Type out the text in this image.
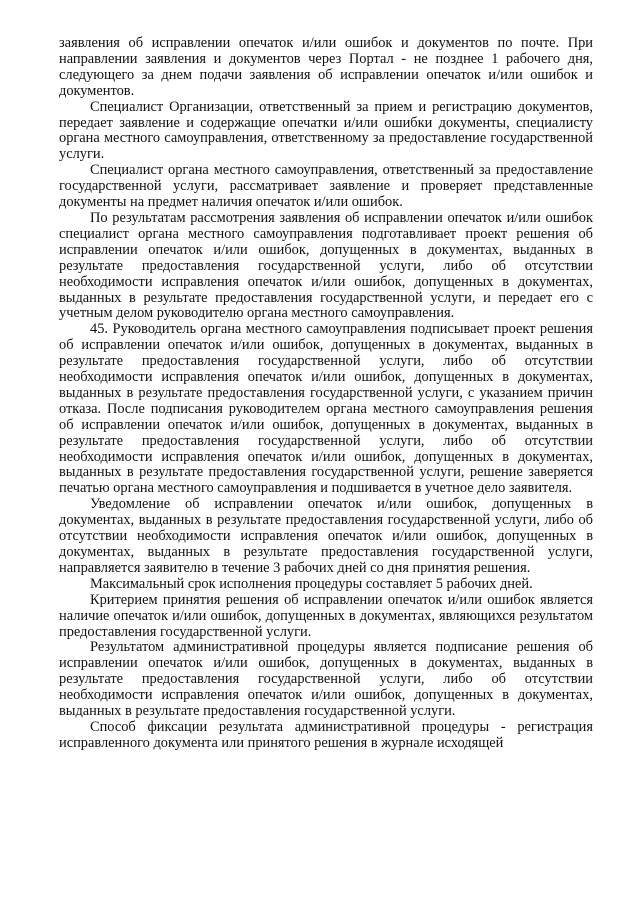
заявления об исправлении опечаток и/или ошибок и документов по почте. При направлении заявления и документов через Портал - не позднее 1 рабочего дня, следующего за днем подачи заявления об исправлении опечаток и/или ошибок и документов.

Специалист Организации, ответственный за прием и регистрацию документов, передает заявление и содержащие опечатки и/или ошибки документы, специалисту органа местного самоуправления, ответственному за предоставление государственной услуги.

Специалист органа местного самоуправления, ответственный за предоставление государственной услуги, рассматривает заявление и проверяет представленные документы на предмет наличия опечаток и/или ошибок.

По результатам рассмотрения заявления об исправлении опечаток и/или ошибок специалист органа местного самоуправления подготавливает проект решения об исправлении опечаток и/или ошибок, допущенных в документах, выданных в результате предоставления государственной услуги, либо об отсутствии необходимости исправления опечаток и/или ошибок, допущенных в документах, выданных в результате предоставления государственной услуги, и передает его с учетным делом руководителю органа местного самоуправления.

45. Руководитель органа местного самоуправления подписывает проект решения об исправлении опечаток и/или ошибок, допущенных в документах, выданных в результате предоставления государственной услуги, либо об отсутствии необходимости исправления опечаток и/или ошибок, допущенных в документах, выданных в результате предоставления государственной услуги, с указанием причин отказа. После подписания руководителем органа местного самоуправления решения об исправлении опечаток и/или ошибок, допущенных в документах, выданных в результате предоставления государственной услуги, либо об отсутствии необходимости исправления опечаток и/или ошибок, допущенных в документах, выданных в результате предоставления государственной услуги, решение заверяется печатью органа местного самоуправления и подшивается в учетное дело заявителя.

Уведомление об исправлении опечаток и/или ошибок, допущенных в документах, выданных в результате предоставления государственной услуги, либо об отсутствии необходимости исправления опечаток и/или ошибок, допущенных в документах, выданных в результате предоставления государственной услуги, направляется заявителю в течение 3 рабочих дней со дня принятия решения.

Максимальный срок исполнения процедуры составляет 5 рабочих дней.

Критерием принятия решения об исправлении опечаток и/или ошибок является наличие опечаток и/или ошибок, допущенных в документах, являющихся результатом предоставления государственной услуги.

Результатом административной процедуры является подписание решения об исправлении опечаток и/или ошибок, допущенных в документах, выданных в результате предоставления государственной услуги, либо об отсутствии необходимости исправления опечаток и/или ошибок, допущенных в документах, выданных в результате предоставления государственной услуги.

Способ фиксации результата административной процедуры - регистрация исправленного документа или принятого решения в журнале исходящей
